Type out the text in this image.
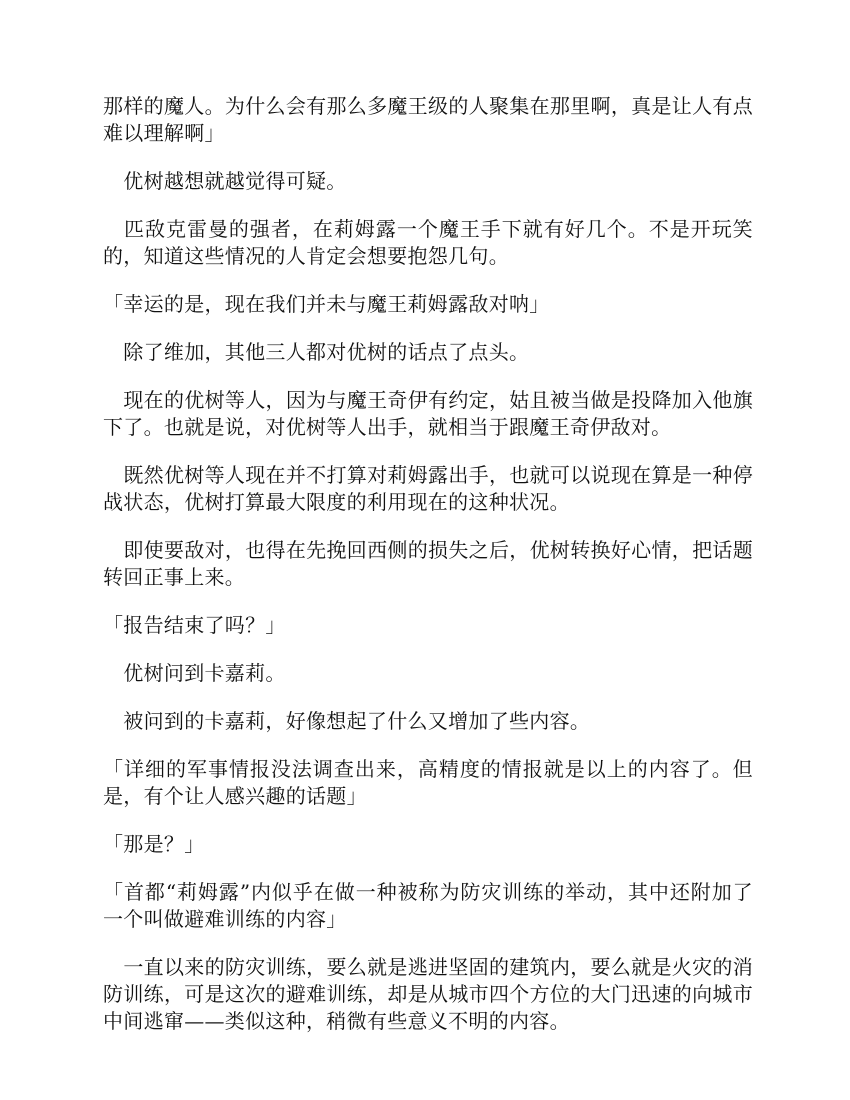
那样的魔人。为什么会有那么多魔王级的人聚集在那里啊，真是让人有点难以理解啊」

　优树越想就越觉得可疑。

　匹敌克雷曼的强者，在莉姆露一个魔王手下就有好几个。不是开玩笑的，知道这些情况的人肯定会想要抱怨几句。

「幸运的是，现在我们并未与魔王莉姆露敌对呐」

　除了维加，其他三人都对优树的话点了点头。

　现在的优树等人，因为与魔王奇伊有约定，姑且被当做是投降加入他旗下了。也就是说，对优树等人出手，就相当于跟魔王奇伊敌对。

　既然优树等人现在并不打算对莉姆露出手，也就可以说现在算是一种停战状态，优树打算最大限度的利用现在的这种状况。

　即使要敌对，也得在先挽回西侧的损失之后，优树转换好心情，把话题转回正事上来。

「报告结束了吗？」

　优树问到卡嘉莉。

　被问到的卡嘉莉，好像想起了什么又增加了些内容。

「详细的军事情报没法调查出来，高精度的情报就是以上的内容了。但是，有个让人感兴趣的话题」

「那是？」

「首都“莉姆露”内似乎在做一种被称为防灾训练的举动，其中还附加了一个叫做避难训练的内容」

　一直以来的防灾训练，要么就是逃进坚固的建筑内，要么就是火灾的消防训练，可是这次的避难训练，却是从城市四个方位的大门迅速的向城市中间逃窜——类似这种，稍微有些意义不明的内容。
